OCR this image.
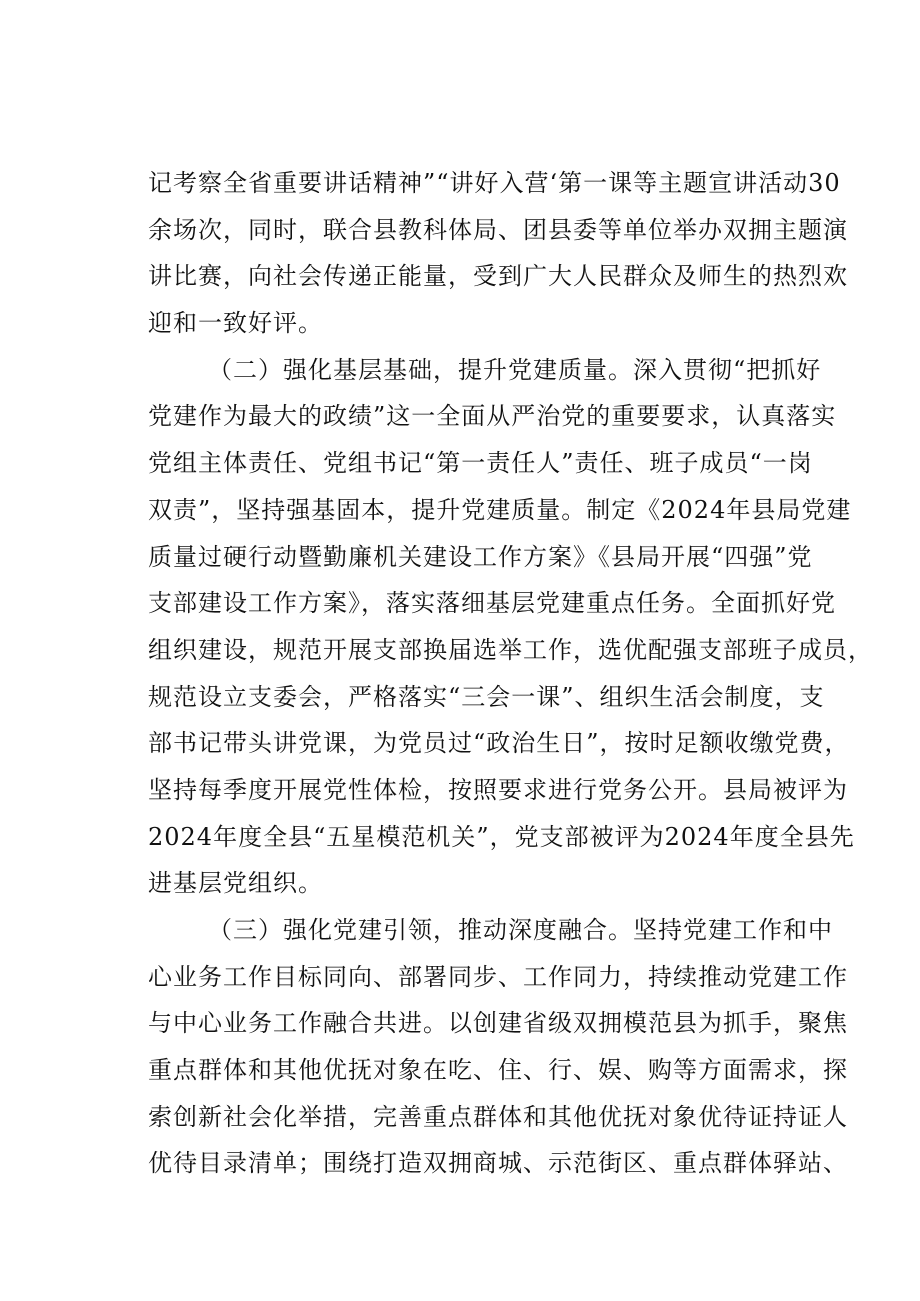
记考察全省重要讲话精神”“讲好入营‘第一课等主题宣讲活动30
余场次，同时，联合县教科体局、团县委等单位举办双拥主题演
讲比赛，向社会传递正能量，受到广大人民群众及师生的热烈欢
迎和一致好评。
（二）强化基层基础，提升党建质量。深入贯彻“把抓好
党建作为最大的政绩”这一全面从严治党的重要要求，认真落实
党组主体责任、党组书记“第一责任人”责任、班子成员“一岗
双责”，坚持强基固本，提升党建质量。制定《2024年县局党建
质量过硬行动暨勤廉机关建设工作方案》《县局开展“四强”党
支部建设工作方案》，落实落细基层党建重点任务。全面抓好党
组织建设，规范开展支部换届选举工作，选优配强支部班子成员，
规范设立支委会，严格落实“三会一课”、组织生活会制度，支
部书记带头讲党课，为党员过“政治生日”，按时足额收缴党费，
坚持每季度开展党性体检，按照要求进行党务公开。县局被评为
2024年度全县“五星模范机关”，党支部被评为2024年度全县先
进基层党组织。
（三）强化党建引领，推动深度融合。坚持党建工作和中
心业务工作目标同向、部署同步、工作同力，持续推动党建工作
与中心业务工作融合共进。以创建省级双拥模范县为抓手，聚焦
重点群体和其他优抚对象在吃、住、行、娱、购等方面需求，探
索创新社会化举措，完善重点群体和其他优抚对象优待证持证人
优待目录清单；围绕打造双拥商城、示范街区、重点群体驿站、
